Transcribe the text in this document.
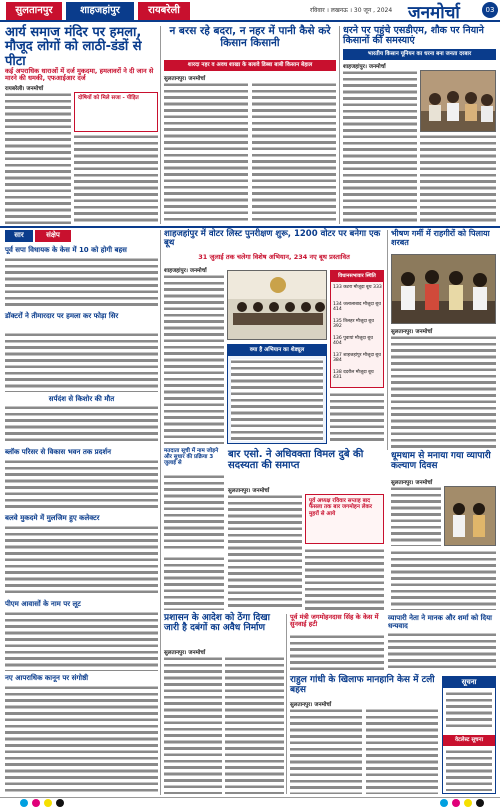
सुलतानपुर	शाहजहांपुर	रायबरेली	रविवार । लखनऊ । 30 जून , 2024 जनमोर्चा	03
आर्य समाज मंदिर पर हमला, मौजूद लोगों को लाठी-डंडों से पीटा
कई अपराधिक धाराओं में दर्ज मुकदमा, हमलावरों ने दी जान से मारने की धमकी, एफआईआर दर्ज
रायबरेली। जनमोर्चा
दोषियों को मिले सजा - पीड़ित
न बरस रहे बदरा, न नहर में पानी कैसे करे किसान किसानी
शारदा नहर व अवध शाखा के बलावे डिब्बा बाबी किसान बेहाल
सुलतानपुर। जनमोर्चा
धरने पर पहुंचे एसडीएम, शौक पर नियाने किसानों की समस्याएं
भारतीय किसान यूनियन का धरना बना जनता दरबार
शाहजहांपुर। जनमोर्चा
सार	संक्षेप
पूर्व सपा विधायक के केस में 10 को होगी बहस
डॉक्टरों ने तीमारदार पर हमला कर फोड़ा सिर
सर्पदंश से किशोर की मौत
ब्लॉक परिसर से विकास भवन तक प्रदर्शन
बलवे मुकदमे में मुलजिम हुए कलेक्टर
पीएम आवासों के नाम पर लूट
नए आपराधिक कानून पर संगोष्ठी
शाहजहांपुर में वोटर लिस्ट पुनरीक्षण शुरू, 1200 वोटर पर बनेगा एक बूथ
31 जुलाई तक चलेगा विशेष अभियान, 234 नए बूथ प्रस्तावित
शाहजहांपुर। जनमोर्चा
विधानसभावार स्थिति
133 कटरा मौजूदा बूथ 333
134 जलालाबाद मौजूदा बूथ 414
135 तिलहर मौजूदा बूथ 392
136 पुवायां मौजूदा बूथ 404
137 शाहजहांपुर मौजूदा बूथ 384
138 ददरौल मौजूदा बूथ 431
क्या है अभियान का शेड्यूल
मतदाता सूची में नाम जोड़ने और सुधार की प्रक्रिया 3 जुलाई से
भीषण गर्मी में राहगीरों को पिलाया शरबत
सुलतानपुर। जनमोर्चा
बार एसो. ने अधिवक्ता विमल दुबे की सदस्यता की समाप्त
सुलतानपुर। जनमोर्चा
पूर्व अध्यक्ष रविवार सप्ताह बाद फैसला तक बार जगमोहन लेकर मुहरों से आये
धूमधाम से मनाया गया व्यापारी कल्याण दिवस
सुलतानपुर। जनमोर्चा
प्रशासन के आदेश को ठेंगा दिखा जारी है दबंगों का अवैध निर्माण
सुलतानपुर। जनमोर्चा
पूर्व मंत्री जगमोहनदास सिंह के केस में सुनवाई हटी
राहुल गांधी के खिलाफ मानहानि केस में टली बहस
सुलतानपुर। जनमोर्चा
व्यापारी नेता ने मानक और शर्मा को दिया धन्यवाद
सूचना
वेटलेस्ट सूचना
